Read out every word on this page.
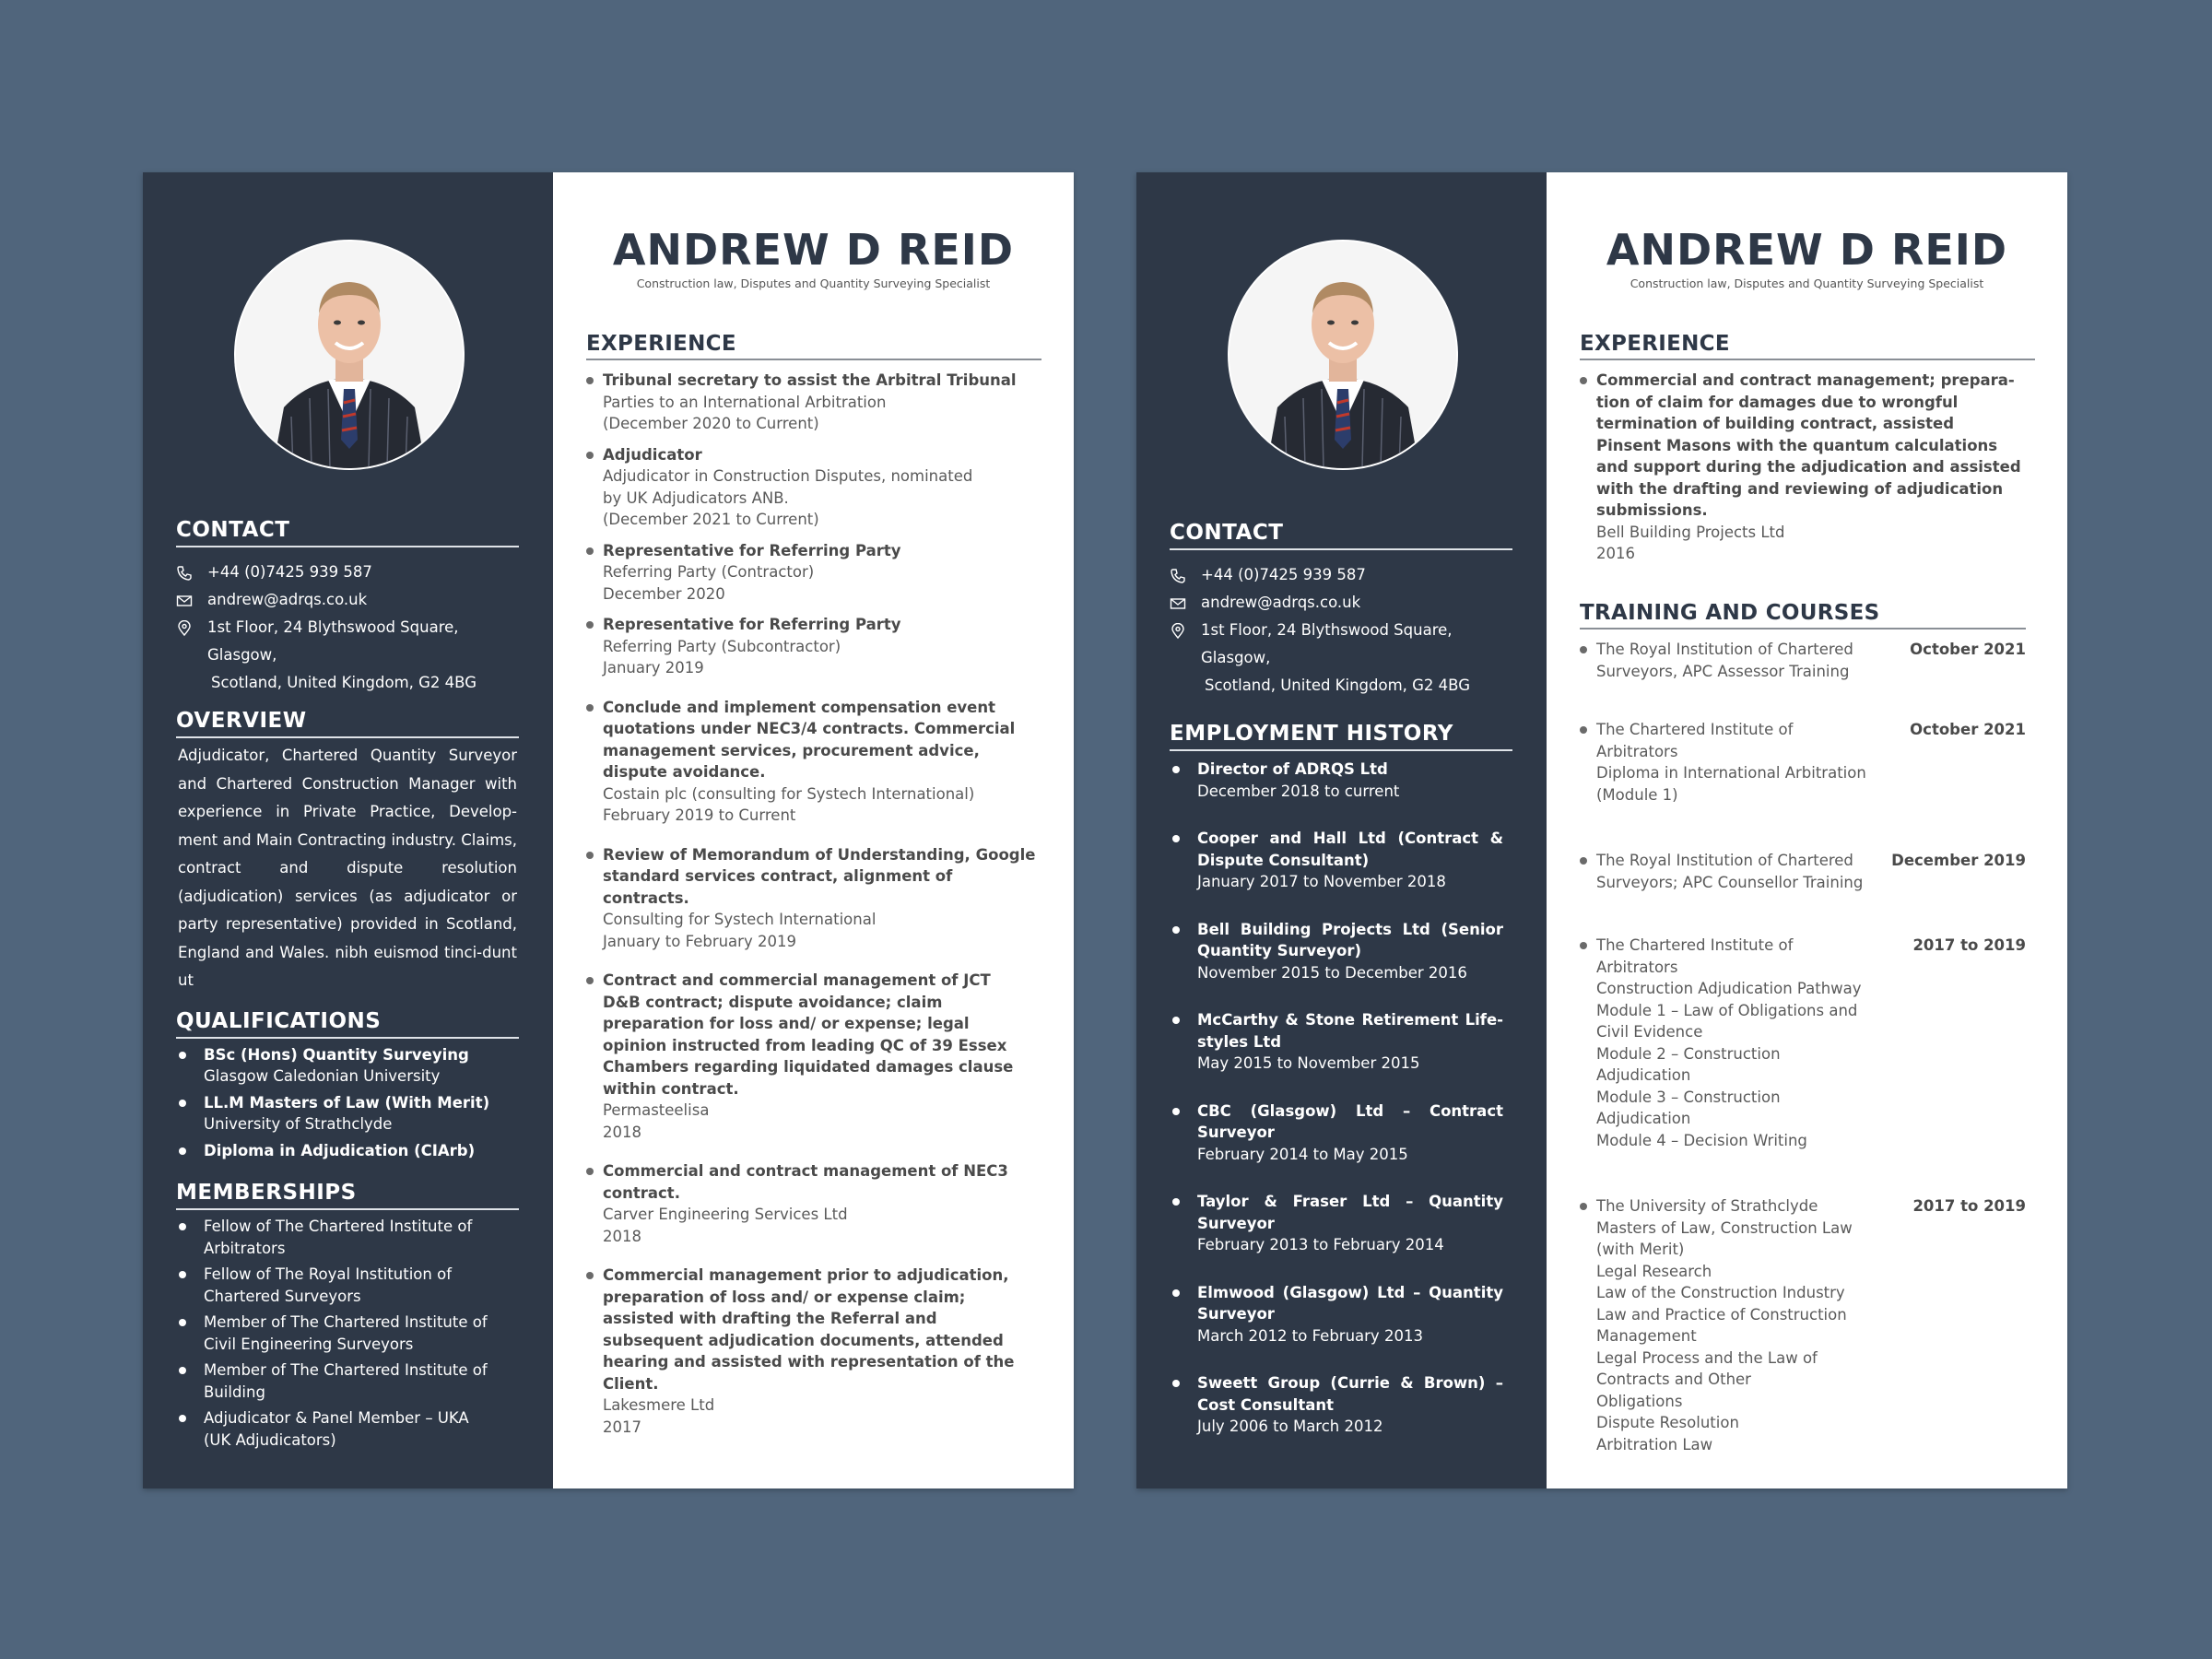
CONTACT
+44 (0)7425 939 587
andrew@adrqs.co.uk
1st Floor, 24 Blythswood Square, Glasgow,
Scotland, United Kingdom, G2 4BG
OVERVIEW
Adjudicator, Chartered Quantity Surveyor and Chartered Construction Manager with experience in Private Practice, Develop-ment and Main Contracting industry. Claims, contract and dispute resolution (adjudication) services (as adjudicator or party representative) provided in Scotland, England and Wales. nibh euismod tinci-dunt ut
QUALIFICATIONS
BSc (Hons) Quantity Surveying
Glasgow Caledonian University
LL.M Masters of Law (With Merit)
University of Strathclyde
Diploma in Adjudication (CIArb)
MEMBERSHIPS
Fellow of The Chartered Institute of Arbitrators
Fellow of The Royal Institution of Chartered Surveyors
Member of The Chartered Institute of Civil Engineering Surveyors
Member of The Chartered Institute of Building
Adjudicator & Panel Member – UKA (UK Adjudicators)
ANDREW D REID
Construction law, Disputes and Quantity Surveying Specialist
EXPERIENCE
Tribunal secretary to assist the Arbitral Tribunal
Parties to an International Arbitration
(December 2020 to Current)
Adjudicator
Adjudicator in Construction Disputes, nominated by UK Adjudicators ANB.
(December 2021 to Current)
Representative for Referring Party
Referring Party (Contractor)
December 2020
Representative for Referring Party
Referring Party (Subcontractor)
January 2019
Conclude and implement compensation event quotations under NEC3/4 contracts. Commercial management services, procurement advice, dispute avoidance.
Costain plc (consulting for Systech International)
February 2019 to Current
Review of Memorandum of Understanding, Google standard services contract, alignment of contracts.
Consulting for Systech International
January to February 2019
Contract and commercial management of JCT D&B contract; dispute avoidance; claim preparation for loss and/ or expense; legal opinion instructed from leading QC of 39 Essex Chambers regarding liquidated damages clause within contract.
Permasteelisa
2018
Commercial and contract management of NEC3 contract.
Carver Engineering Services Ltd
2018
Commercial management prior to adjudication, preparation of loss and/ or expense claim; assisted with drafting the Referral and subsequent adjudication documents, attended hearing and assisted with representation of the Client.
Lakesmere Ltd
2017
CONTACT
+44 (0)7425 939 587
andrew@adrqs.co.uk
1st Floor, 24 Blythswood Square, Glasgow,
Scotland, United Kingdom, G2 4BG
EMPLOYMENT HISTORY
Director of ADRQS Ltd
December 2018 to current
Cooper and Hall Ltd (Contract & Dispute Consultant)
January 2017 to November 2018
Bell Building Projects Ltd (Senior Quantity Surveyor)
November 2015 to December 2016
McCarthy & Stone Retirement Life-styles Ltd
May 2015 to November 2015
CBC (Glasgow) Ltd – Contract Surveyor
February 2014 to May 2015
Taylor & Fraser Ltd – Quantity Surveyor
February 2013 to February 2014
Elmwood (Glasgow) Ltd – Quantity Surveyor
March 2012 to February 2013
Sweett Group (Currie & Brown) – Cost Consultant
July 2006 to March 2012
ANDREW D REID
Construction law, Disputes and Quantity Surveying Specialist
EXPERIENCE
Commercial and contract management; prepara-tion of claim for damages due to wrongful termination of building contract, assisted Pinsent Masons with the quantum calculations and support during the adjudication and assisted with the drafting and reviewing of adjudication submissions.
Bell Building Projects Ltd
2016
TRAINING AND COURSES
The Royal Institution of Chartered Surveyors, APC Assessor Training
October 2021
The Chartered Institute of Arbitrators
Diploma in International Arbitration (Module 1)
October 2021
The Royal Institution of Chartered Surveyors; APC Counsellor Training
December 2019
The Chartered Institute of Arbitrators
Construction Adjudication Pathway
Module 1 – Law of Obligations and Civil Evidence
Module 2 – Construction Adjudication
Module 3 – Construction Adjudication
Module 4 – Decision Writing
2017 to 2019
The University of Strathclyde
Masters of Law, Construction Law (with Merit)
Legal Research
Law of the Construction Industry
Law and Practice of Construction Management
Legal Process and the Law of Contracts and Other Obligations
Dispute Resolution
Arbitration Law
2017 to 2019
